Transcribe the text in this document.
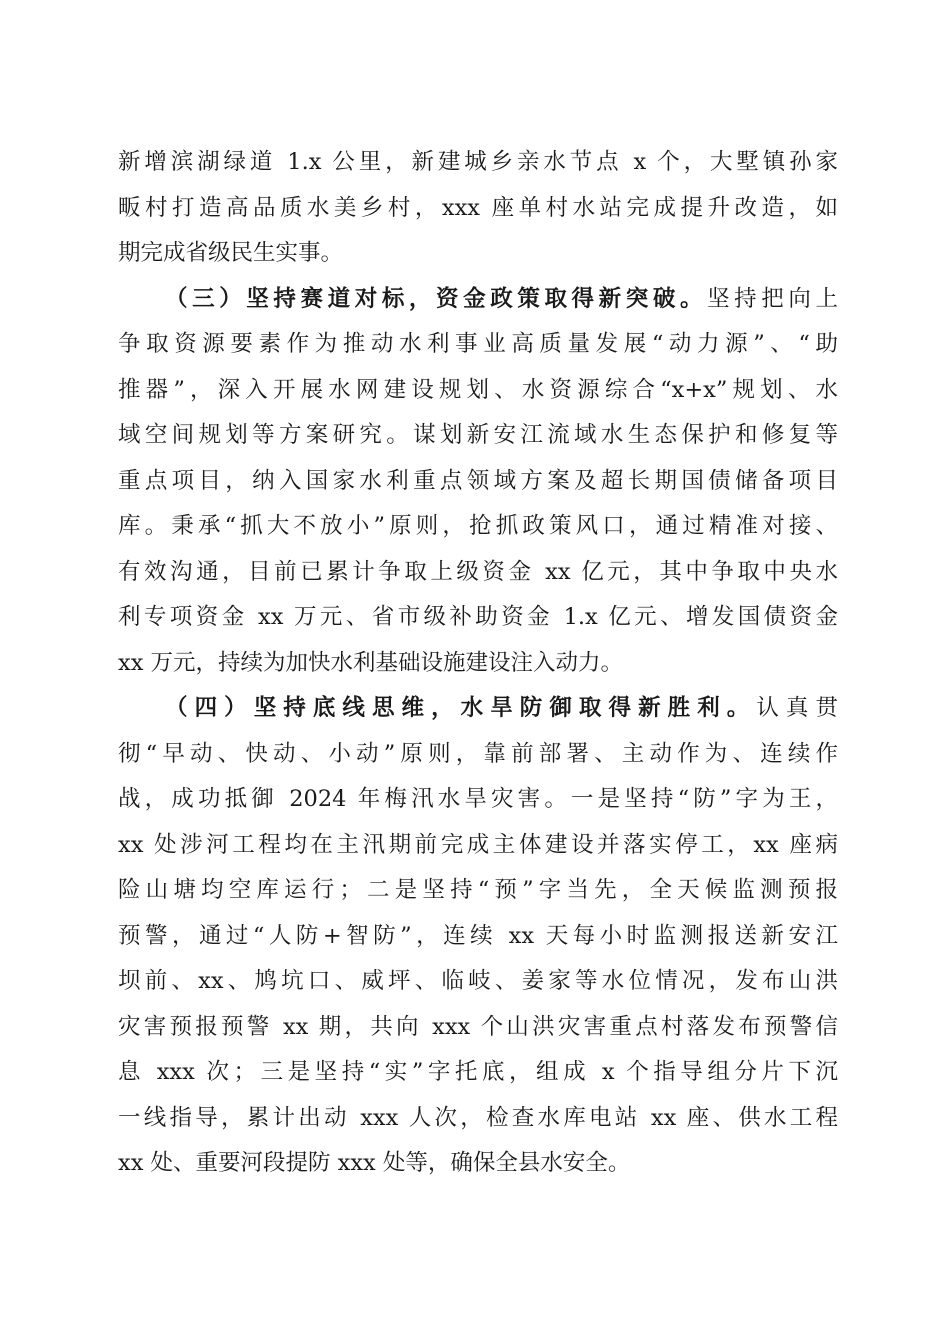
新增滨湖绿道 1.x 公里，新建城乡亲水节点 x 个，大墅镇孙家
畈村打造高品质水美乡村，xxx 座单村水站完成提升改造，如
期完成省级民生实事。
（三）坚持赛道对标，资金政策取得新突破。坚持把向上
争取资源要素作为推动水利事业高质量发展“动力源”、“助
推器”，深入开展水网建设规划、水资源综合“x+x”规划、水
域空间规划等方案研究。谋划新安江流域水生态保护和修复等
重点项目，纳入国家水利重点领域方案及超长期国债储备项目
库。秉承“抓大不放小”原则，抢抓政策风口，通过精准对接、
有效沟通，目前已累计争取上级资金 xx 亿元，其中争取中央水
利专项资金 xx 万元、省市级补助资金 1.x 亿元、增发国债资金
xx 万元，持续为加快水利基础设施建设注入动力。
（四）坚持底线思维，水旱防御取得新胜利。认真贯
彻“早动、快动、小动”原则，靠前部署、主动作为、连续作
战，成功抵御 2024 年梅汛水旱灾害。一是坚持“防”字为王，
xx 处涉河工程均在主汛期前完成主体建设并落实停工，xx 座病
险山塘均空库运行；二是坚持“预”字当先，全天候监测预报
预警，通过“人防+智防”，连续 xx 天每小时监测报送新安江
坝前、xx、鸠坑口、威坪、临岐、姜家等水位情况，发布山洪
灾害预报预警 xx 期，共向 xxx 个山洪灾害重点村落发布预警信
息 xxx 次；三是坚持“实”字托底，组成 x 个指导组分片下沉
一线指导，累计出动 xxx 人次，检查水库电站 xx 座、供水工程
xx 处、重要河段提防 xxx 处等，确保全县水安全。
